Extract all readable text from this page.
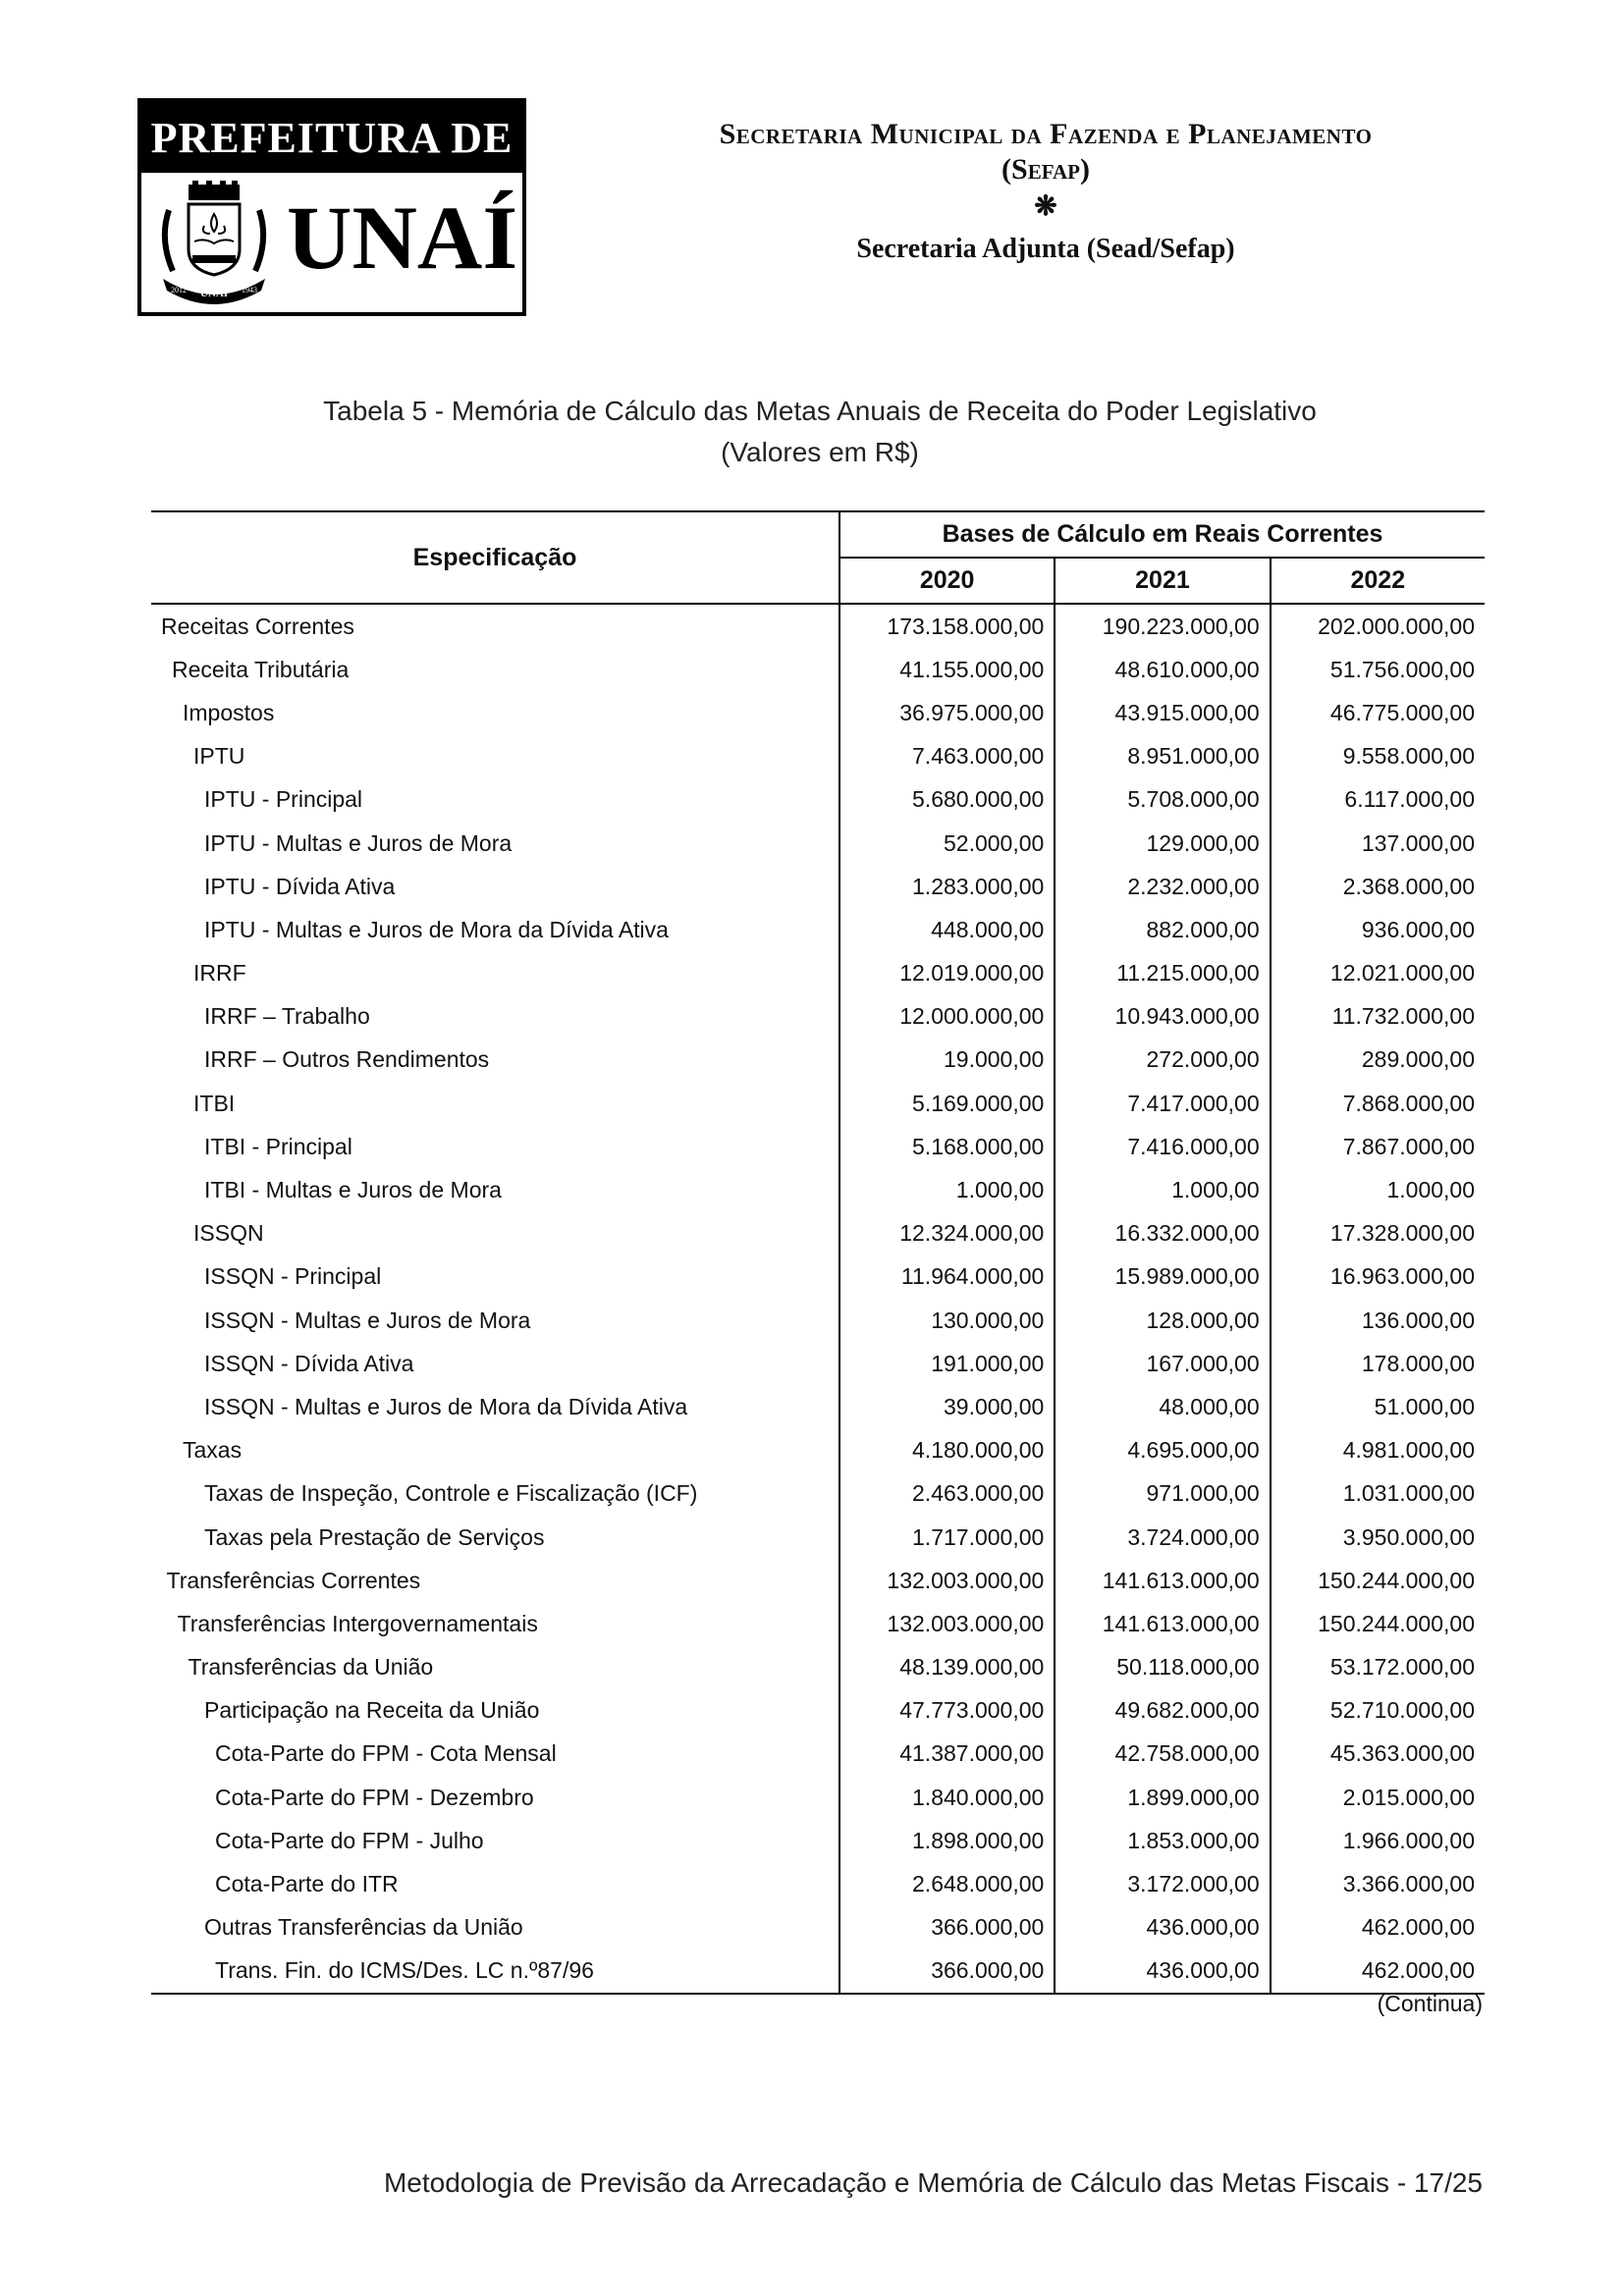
PREFEITURA DE
UNAÍ
2012	1943
UNAÍ
Secretaria Municipal da Fazenda e Planejamento
(Sefap)
❋
Secretaria Adjunta (Sead/Sefap)
Tabela 5 - Memória de Cálculo das Metas Anuais de Receita do Poder Legislativo
(Valores em R$)
Especificação	Bases de Cálculo em Reais Correntes		
	2020	2021	2022
Receitas Correntes	173.158.000,00	190.223.000,00	202.000.000,00
Receita Tributária	41.155.000,00	48.610.000,00	51.756.000,00
Impostos	36.975.000,00	43.915.000,00	46.775.000,00
IPTU	7.463.000,00	8.951.000,00	9.558.000,00
IPTU - Principal	5.680.000,00	5.708.000,00	6.117.000,00
IPTU - Multas e Juros de Mora	52.000,00	129.000,00	137.000,00
IPTU - Dívida Ativa	1.283.000,00	2.232.000,00	2.368.000,00
IPTU - Multas e Juros de Mora da Dívida Ativa	448.000,00	882.000,00	936.000,00
IRRF	12.019.000,00	11.215.000,00	12.021.000,00
IRRF – Trabalho	12.000.000,00	10.943.000,00	11.732.000,00
IRRF – Outros Rendimentos	19.000,00	272.000,00	289.000,00
ITBI	5.169.000,00	7.417.000,00	7.868.000,00
ITBI - Principal	5.168.000,00	7.416.000,00	7.867.000,00
ITBI - Multas e Juros de Mora	1.000,00	1.000,00	1.000,00
ISSQN	12.324.000,00	16.332.000,00	17.328.000,00
ISSQN - Principal	11.964.000,00	15.989.000,00	16.963.000,00
ISSQN - Multas e Juros de Mora	130.000,00	128.000,00	136.000,00
ISSQN - Dívida Ativa	191.000,00	167.000,00	178.000,00
ISSQN - Multas e Juros de Mora da Dívida Ativa	39.000,00	48.000,00	51.000,00
Taxas	4.180.000,00	4.695.000,00	4.981.000,00
Taxas de Inspeção, Controle e Fiscalização (ICF)	2.463.000,00	971.000,00	1.031.000,00
Taxas pela Prestação de Serviços	1.717.000,00	3.724.000,00	3.950.000,00
Transferências Correntes	132.003.000,00	141.613.000,00	150.244.000,00
Transferências Intergovernamentais	132.003.000,00	141.613.000,00	150.244.000,00
Transferências da União	48.139.000,00	50.118.000,00	53.172.000,00
Participação na Receita da União	47.773.000,00	49.682.000,00	52.710.000,00
Cota-Parte do FPM - Cota Mensal	41.387.000,00	42.758.000,00	45.363.000,00
Cota-Parte do FPM - Dezembro	1.840.000,00	1.899.000,00	2.015.000,00
Cota-Parte do FPM - Julho	1.898.000,00	1.853.000,00	1.966.000,00
Cota-Parte do ITR	2.648.000,00	3.172.000,00	3.366.000,00
Outras Transferências da União	366.000,00	436.000,00	462.000,00
Trans. Fin. do ICMS/Des. LC n.º87/96	366.000,00	436.000,00	462.000,00
(Continua)
Metodologia de Previsão da Arrecadação e Memória de Cálculo das Metas Fiscais - 17/25
